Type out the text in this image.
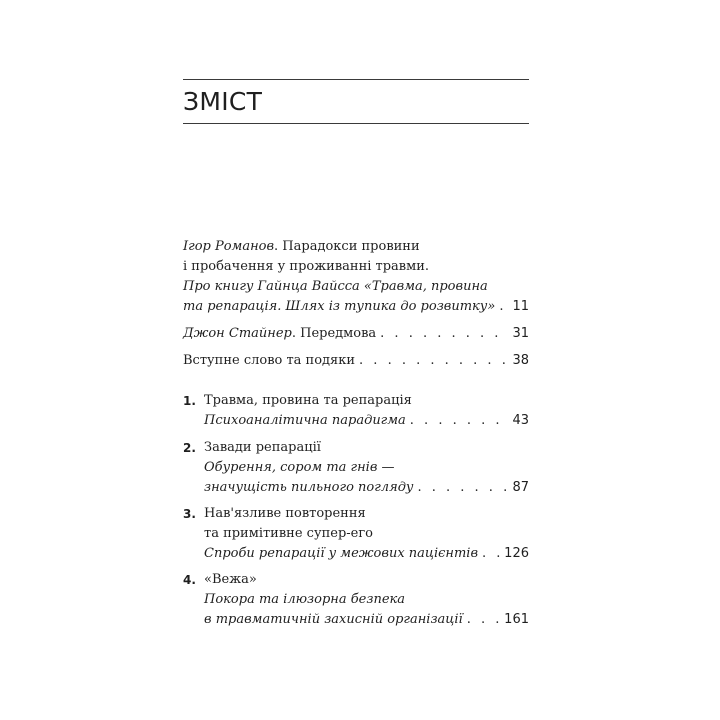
ЗМІСТ
Ігор Романов. Парадокси провини
і пробачення у проживанні травми.
Про книгу Гайнца Вайсса «Травма, провина
та репарація. Шлях із тупика до розвитку» . . . 11
Джон Стайнер. Передмова . . .	31
Вступне слово та подяки . . .	38
1. Травма, провина та репарація
Психоаналітична парадигма . . .	43
2. Завади репарації
Обурення, сором та гнів —
значущість пильного погляду . . .	87
3. Нав'язливе повторення
та примітивне супер-его
Спроби репарації у межових пацієнтів . . . 126
4. «Вежа»
Покора та ілюзорна безпека
в травматичній захисній організації . . .	161
